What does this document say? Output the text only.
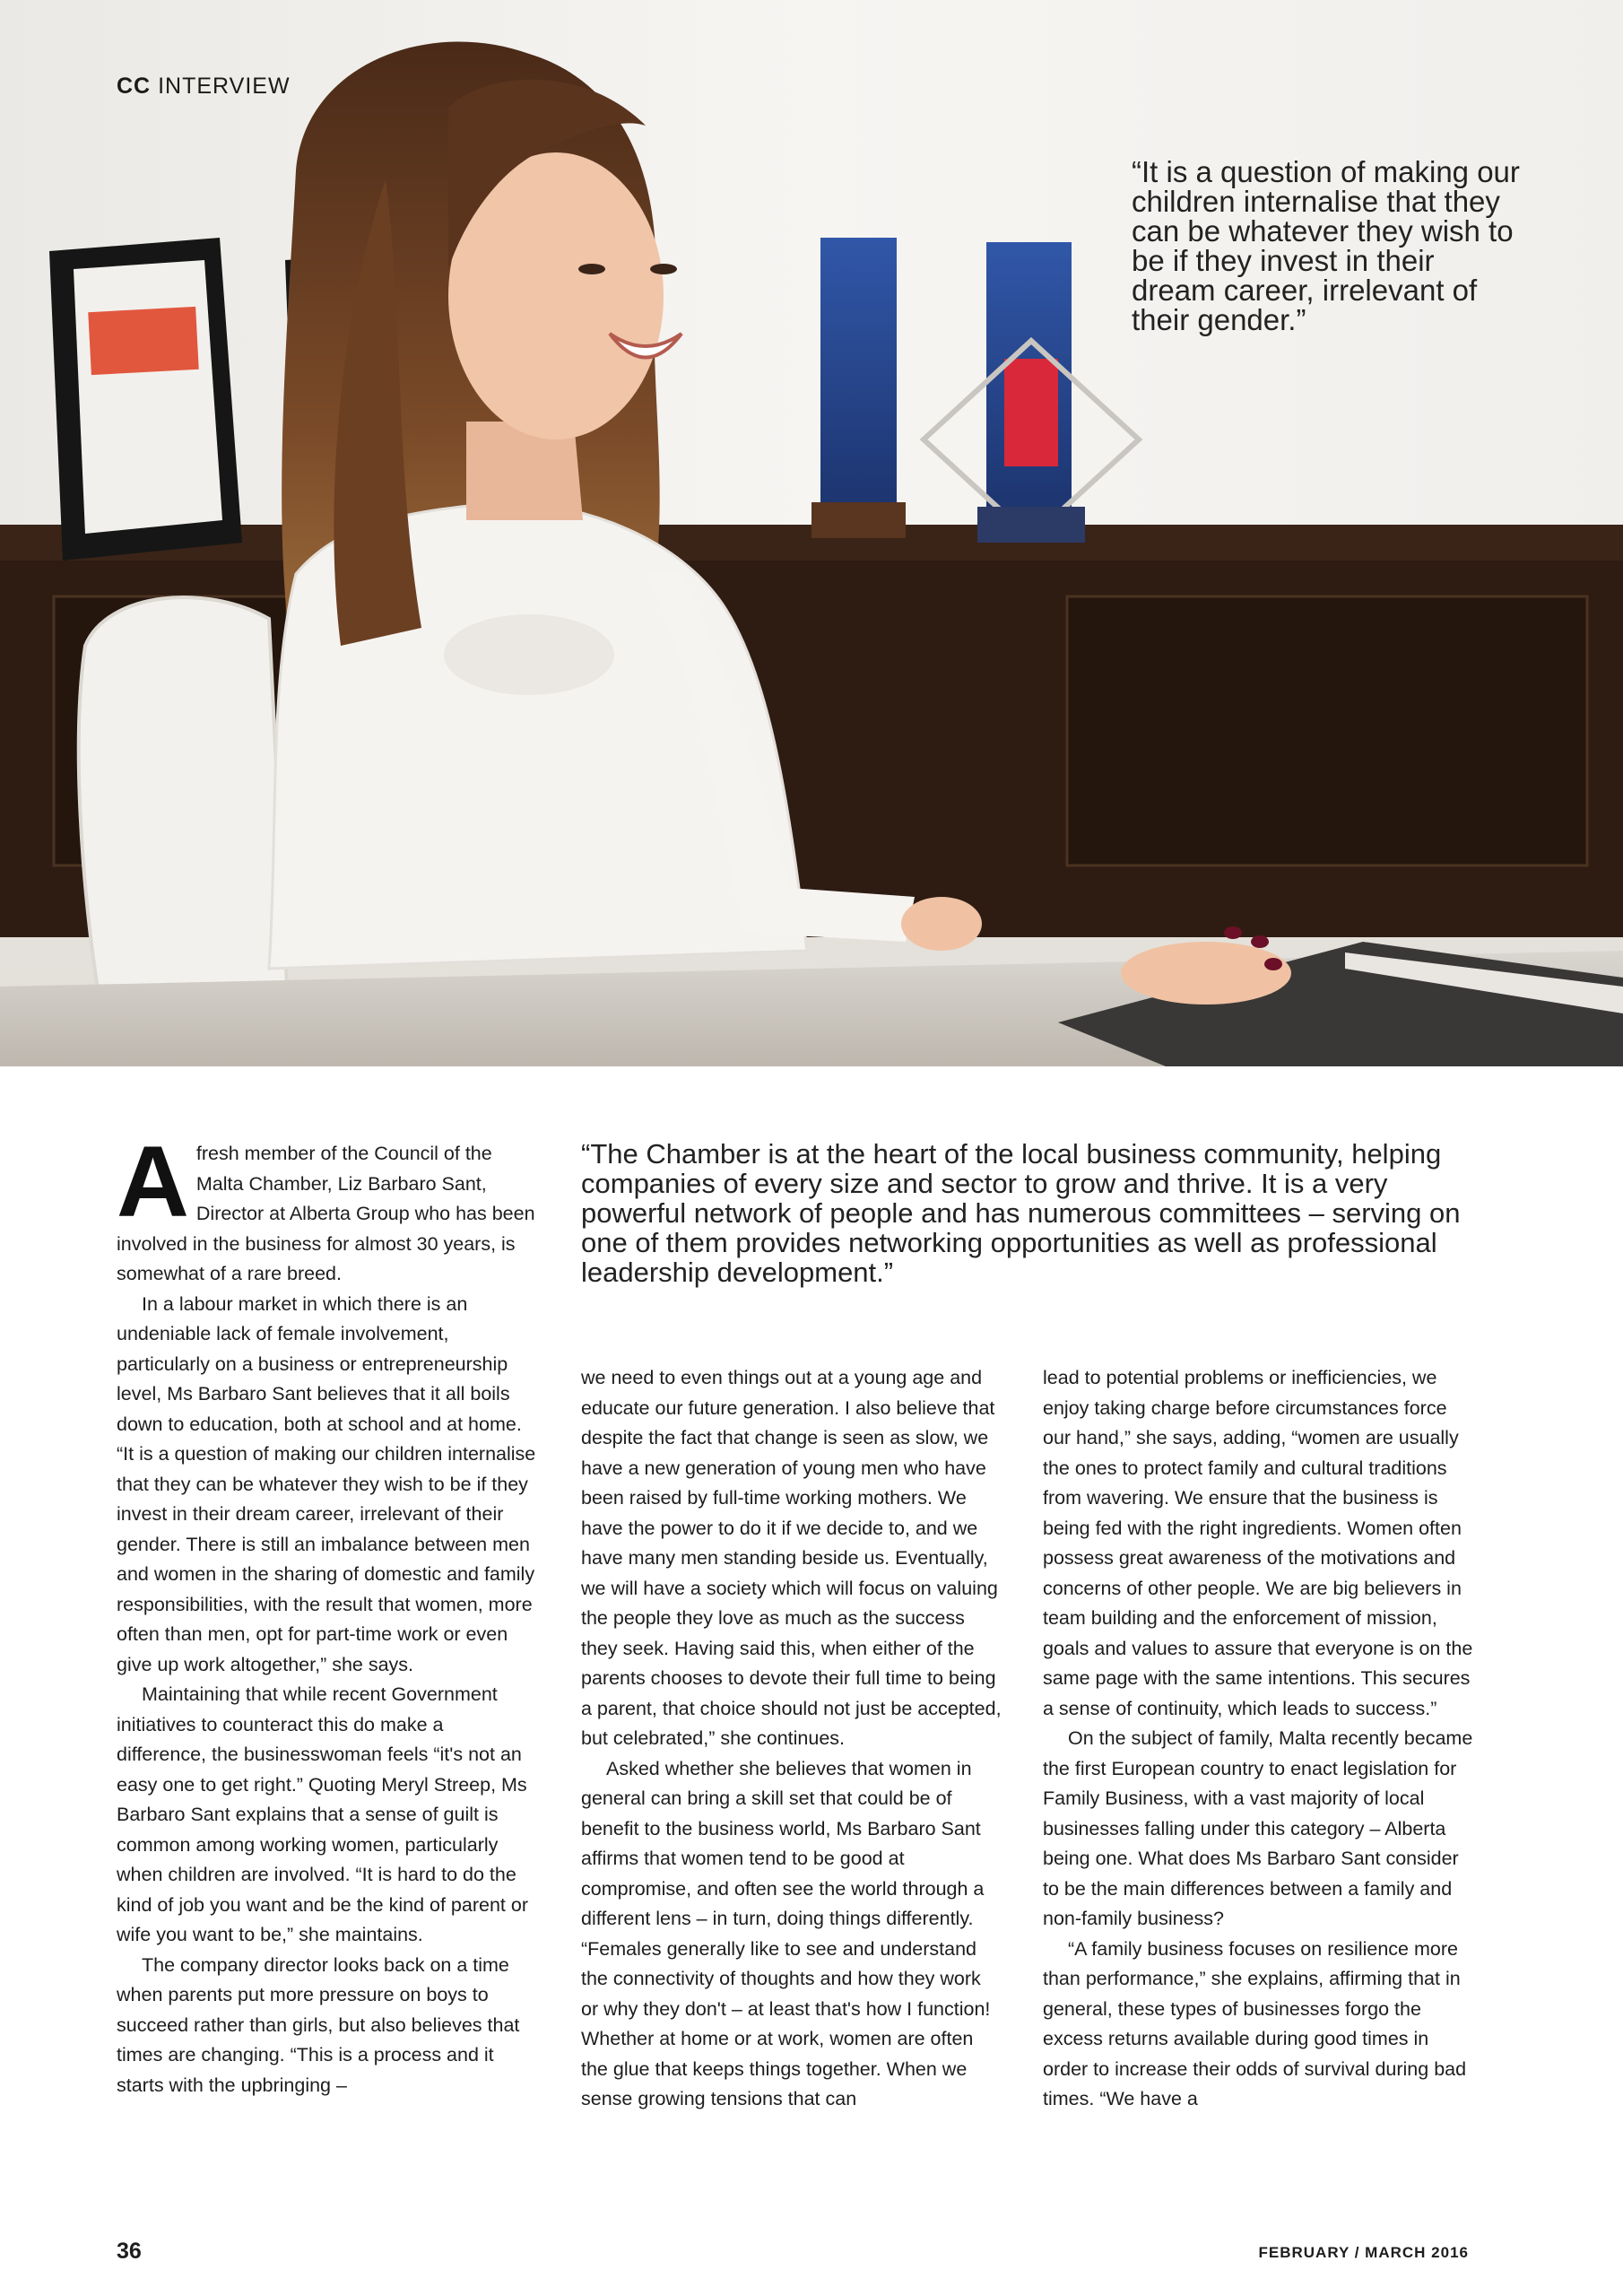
CC INTERVIEW
“It is a question of making our children internalise that they can be whatever they wish to be if they invest in their dream career, irrelevant of their gender.”

Afresh member of the Council of the Malta Chamber, Liz Barbaro Sant, Director at Alberta Group who has been involved in the business for almost 30 years, is somewhat of a rare breed.

In a labour market in which there is an undeniable lack of female involvement, particularly on a business or entrepreneurship level, Ms Barbaro Sant believes that it all boils down to education, both at school and at home. “It is a question of making our children internalise that they can be whatever they wish to be if they invest in their dream career, irrelevant of their gender. There is still an imbalance between men and women in the sharing of domestic and family responsibilities, with the result that women, more often than men, opt for part-time work or even give up work altogether,” she says.

Maintaining that while recent Government initiatives to counteract this do make a difference, the businesswoman feels “it's not an easy one to get right.” Quoting Meryl Streep, Ms Barbaro Sant explains that a sense of guilt is common among working women, particularly when children are involved. “It is hard to do the kind of job you want and be the kind of parent or wife you want to be,” she maintains.

The company director looks back on a time when parents put more pressure on boys to succeed rather than girls, but also believes that times are changing. “This is a process and it starts with the upbringing –

“The Chamber is at the heart of the local business community, helping companies of every size and sector to grow and thrive. It is a very powerful network of people and has numerous committees – serving on one of them provides networking opportunities as well as professional leadership development.”

we need to even things out at a young age and educate our future generation. I also believe that despite the fact that change is seen as slow, we have a new generation of young men who have been raised by full-time working mothers. We have the power to do it if we decide to, and we have many men standing beside us. Eventually, we will have a society which will focus on valuing the people they love as much as the success they seek. Having said this, when either of the parents chooses to devote their full time to being a parent, that choice should not just be accepted, but celebrated,” she continues.

Asked whether she believes that women in general can bring a skill set that could be of benefit to the business world, Ms Barbaro Sant affirms that women tend to be good at compromise, and often see the world through a different lens – in turn, doing things differently. “Females generally like to see and understand the connectivity of thoughts and how they work or why they don't – at least that's how I function! Whether at home or at work, women are often the glue that keeps things together. When we sense growing tensions that can

lead to potential problems or inefficiencies, we enjoy taking charge before circumstances force our hand,” she says, adding, “women are usually the ones to protect family and cultural traditions from wavering. We ensure that the business is being fed with the right ingredients. Women often possess great awareness of the motivations and concerns of other people. We are big believers in team building and the enforcement of mission, goals and values to assure that everyone is on the same page with the same intentions. This secures a sense of continuity, which leads to success.”

On the subject of family, Malta recently became the first European country to enact legislation for Family Business, with a vast majority of local businesses falling under this category – Alberta being one. What does Ms Barbaro Sant consider to be the main differences between a family and non-family business?

“A family business focuses on resilience more than performance,” she explains, affirming that in general, these types of businesses forgo the excess returns available during good times in order to increase their odds of survival during bad times. “We have a

36	FEBRUARY / MARCH 2016
